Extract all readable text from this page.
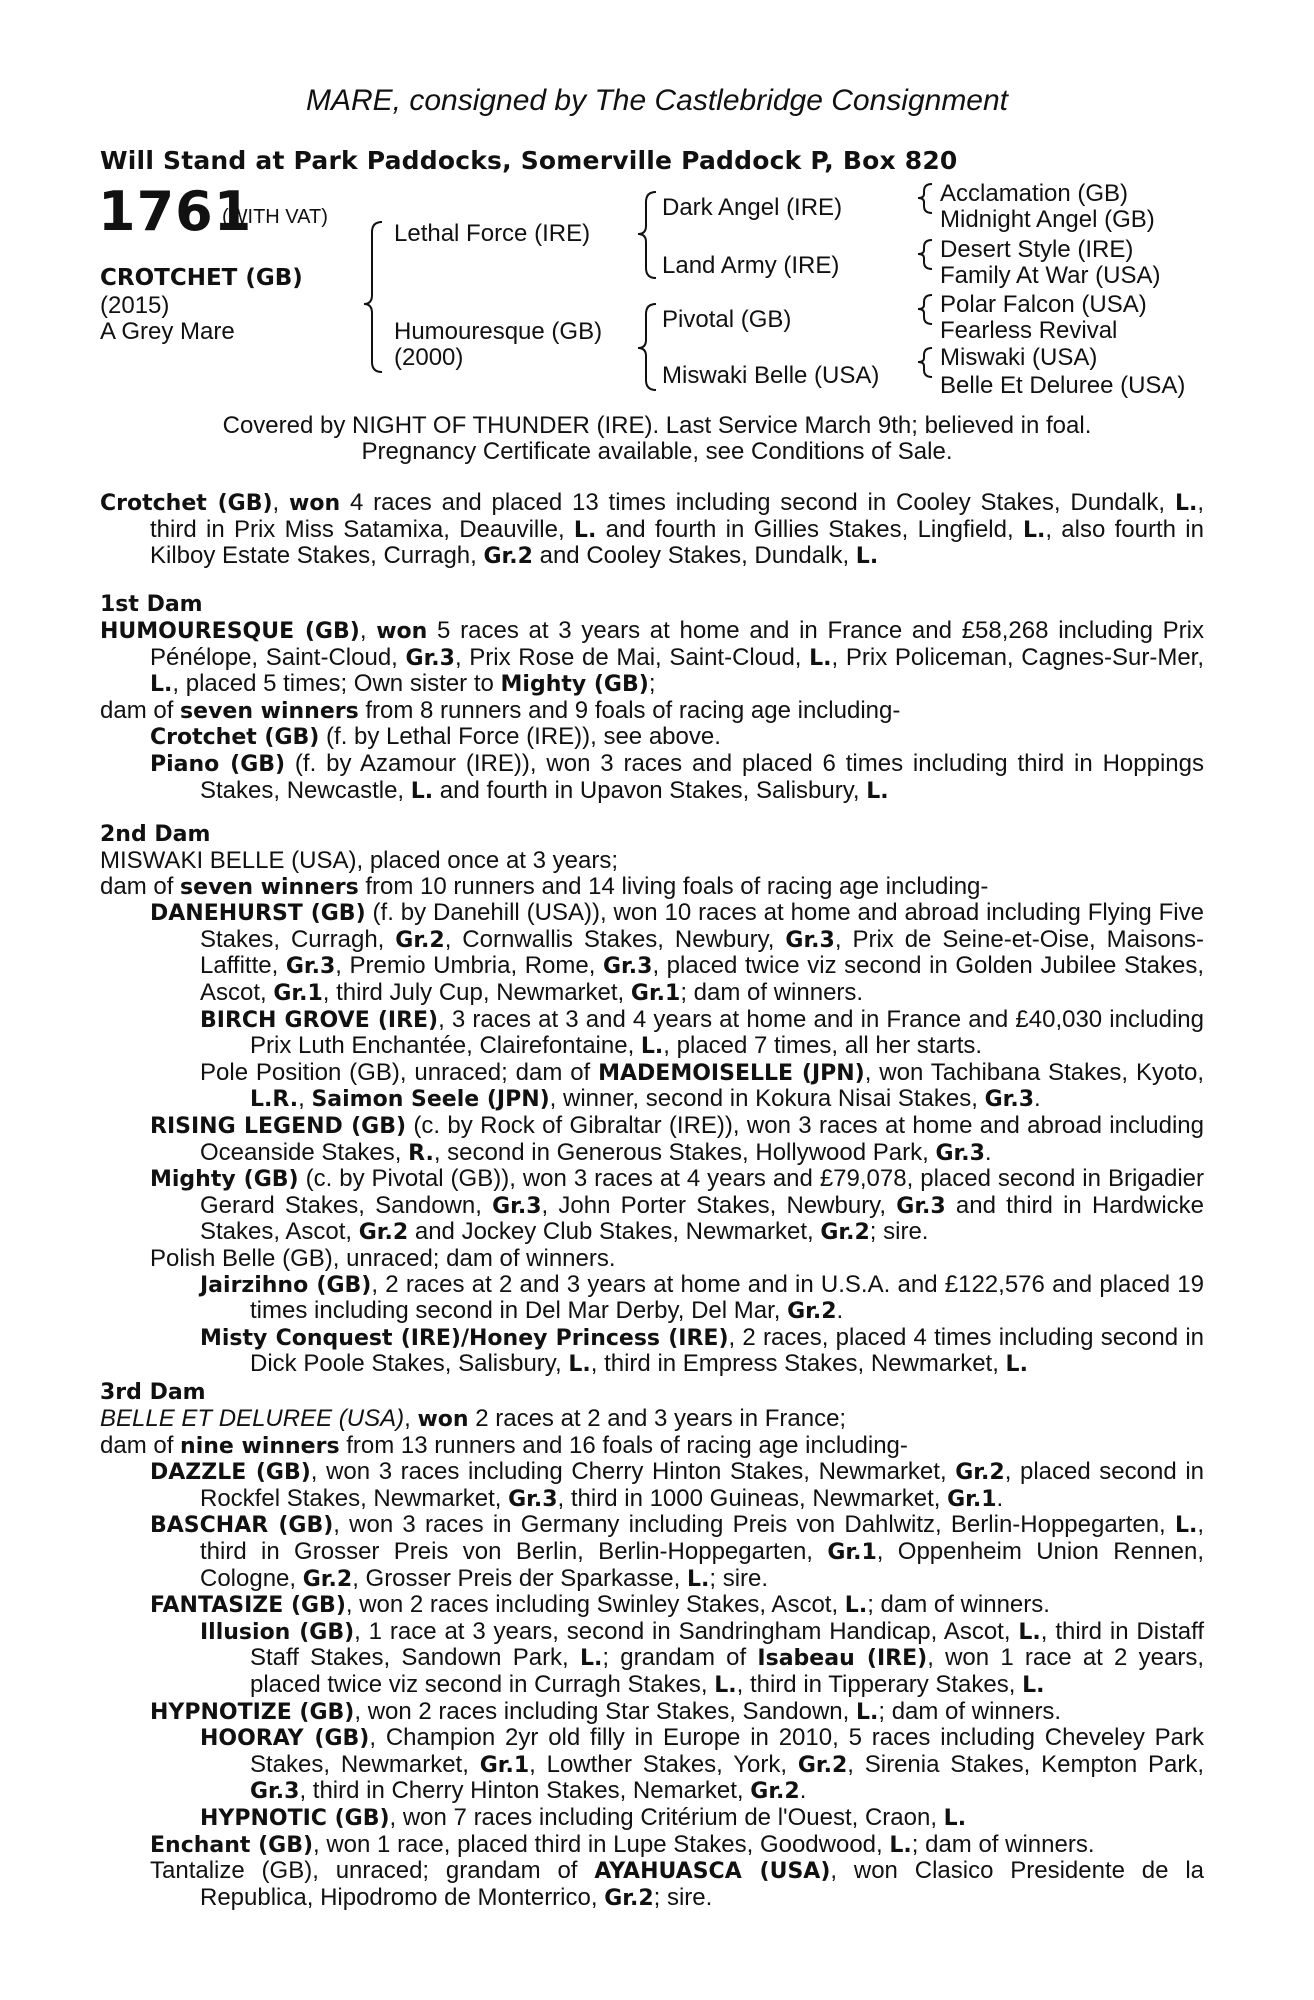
MARE, consigned by The Castlebridge Consignment
Will Stand at Park Paddocks, Somerville Paddock P, Box 820
1761
(WITH VAT)
CROTCHET (GB)
(2015)
A Grey Mare
Lethal Force (IRE)
Humouresque (GB)
(2000)
Dark Angel (IRE)
Land Army (IRE)
Pivotal (GB)
Miswaki Belle (USA)
Acclamation (GB)
Midnight Angel (GB)
Desert Style (IRE)
Family At War (USA)
Polar Falcon (USA)
Fearless Revival
Miswaki (USA)
Belle Et Deluree (USA)
Covered by NIGHT OF THUNDER (IRE). Last Service March 9th; believed in foal.
Pregnancy Certificate available, see Conditions of Sale.

Crotchet (GB), won 4 races and placed 13 times including second in Cooley Stakes, Dundalk, L., third in Prix Miss Satamixa, Deauville, L. and fourth in Gillies Stakes, Lingfield, L., also fourth in Kilboy Estate Stakes, Curragh, Gr.2 and Cooley Stakes, Dundalk, L.

1st Dam

HUMOURESQUE (GB), won 5 races at 3 years at home and in France and £58,268 including Prix Pénélope, Saint-Cloud, Gr.3, Prix Rose de Mai, Saint-Cloud, L., Prix Policeman, Cagnes-Sur-Mer, L., placed 5 times; Own sister to Mighty (GB);

dam of seven winners from 8 runners and 9 foals of racing age including-

Crotchet (GB) (f. by Lethal Force (IRE)), see above.

Piano (GB) (f. by Azamour (IRE)), won 3 races and placed 6 times including third in Hoppings Stakes, Newcastle, L. and fourth in Upavon Stakes, Salisbury, L.

2nd Dam

MISWAKI BELLE (USA), placed once at 3 years;

dam of seven winners from 10 runners and 14 living foals of racing age including-

DANEHURST (GB) (f. by Danehill (USA)), won 10 races at home and abroad including Flying Five Stakes, Curragh, Gr.2, Cornwallis Stakes, Newbury, Gr.3, Prix de Seine-et-Oise, Maisons-Laffitte, Gr.3, Premio Umbria, Rome, Gr.3, placed twice viz second in Golden Jubilee Stakes, Ascot, Gr.1, third July Cup, Newmarket, Gr.1; dam of winners.

BIRCH GROVE (IRE), 3 races at 3 and 4 years at home and in France and £40,030 including Prix Luth Enchantée, Clairefontaine, L., placed 7 times, all her starts.

Pole Position (GB), unraced; dam of MADEMOISELLE (JPN), won Tachibana Stakes, Kyoto, L.R., Saimon Seele (JPN), winner, second in Kokura Nisai Stakes, Gr.3.

RISING LEGEND (GB) (c. by Rock of Gibraltar (IRE)), won 3 races at home and abroad including Oceanside Stakes, R., second in Generous Stakes, Hollywood Park, Gr.3.

Mighty (GB) (c. by Pivotal (GB)), won 3 races at 4 years and £79,078, placed second in Brigadier Gerard Stakes, Sandown, Gr.3, John Porter Stakes, Newbury, Gr.3 and third in Hardwicke Stakes, Ascot, Gr.2 and Jockey Club Stakes, Newmarket, Gr.2; sire.

Polish Belle (GB), unraced; dam of winners.

Jairzihno (GB), 2 races at 2 and 3 years at home and in U.S.A. and £122,576 and placed 19 times including second in Del Mar Derby, Del Mar, Gr.2.

Misty Conquest (IRE)/Honey Princess (IRE), 2 races, placed 4 times including second in Dick Poole Stakes, Salisbury, L., third in Empress Stakes, Newmarket, L.

3rd Dam

BELLE ET DELUREE (USA), won 2 races at 2 and 3 years in France;

dam of nine winners from 13 runners and 16 foals of racing age including-

DAZZLE (GB), won 3 races including Cherry Hinton Stakes, Newmarket, Gr.2, placed second in Rockfel Stakes, Newmarket, Gr.3, third in 1000 Guineas, Newmarket, Gr.1.

BASCHAR (GB), won 3 races in Germany including Preis von Dahlwitz, Berlin-Hoppegarten, L., third in Grosser Preis von Berlin, Berlin-Hoppegarten, Gr.1, Oppenheim Union Rennen, Cologne, Gr.2, Grosser Preis der Sparkasse, L.; sire.

FANTASIZE (GB), won 2 races including Swinley Stakes, Ascot, L.; dam of winners.

Illusion (GB), 1 race at 3 years, second in Sandringham Handicap, Ascot, L., third in Distaff Staff Stakes, Sandown Park, L.; grandam of Isabeau (IRE), won 1 race at 2 years, placed twice viz second in Curragh Stakes, L., third in Tipperary Stakes, L.

HYPNOTIZE (GB), won 2 races including Star Stakes, Sandown, L.; dam of winners.

HOORAY (GB), Champion 2yr old filly in Europe in 2010, 5 races including Cheveley Park Stakes, Newmarket, Gr.1, Lowther Stakes, York, Gr.2, Sirenia Stakes, Kempton Park, Gr.3, third in Cherry Hinton Stakes, Nemarket, Gr.2.

HYPNOTIC (GB), won 7 races including Critérium de l'Ouest, Craon, L.

Enchant (GB), won 1 race, placed third in Lupe Stakes, Goodwood, L.; dam of winners.

Tantalize (GB), unraced; grandam of AYAHUASCA (USA), won Clasico Presidente de la Republica, Hipodromo de Monterrico, Gr.2; sire.
